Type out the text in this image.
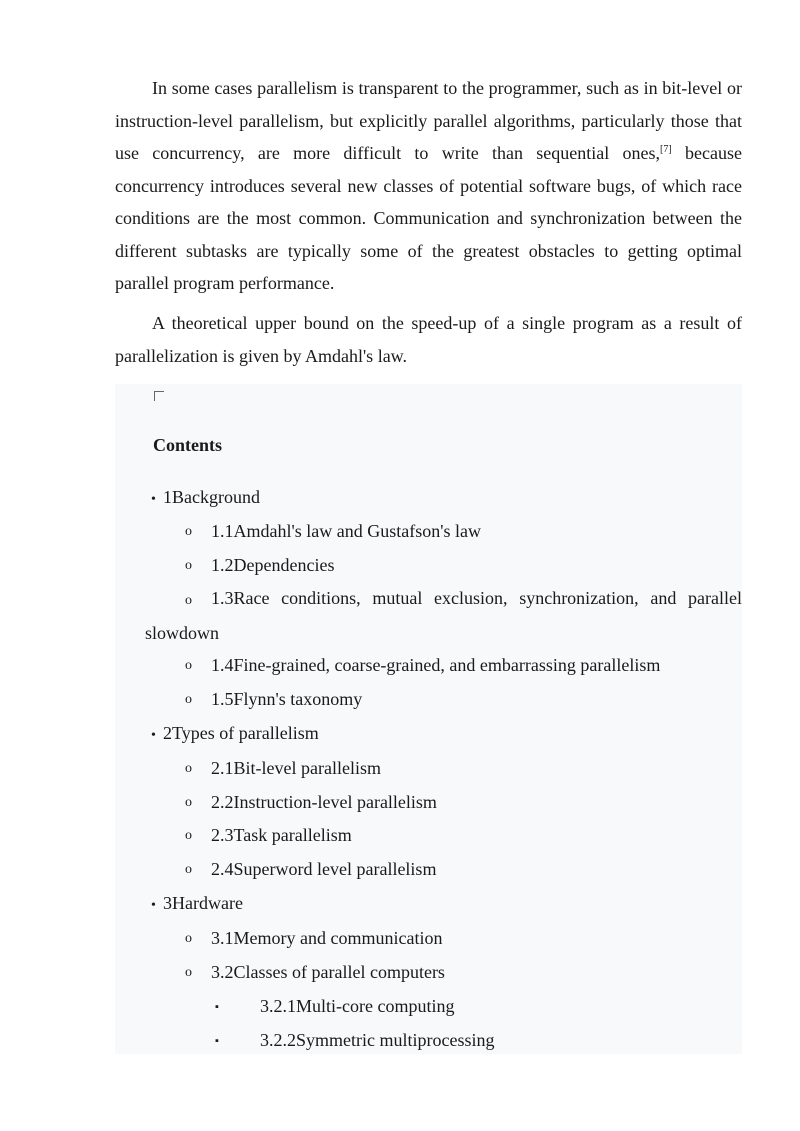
In some cases parallelism is transparent to the programmer, such as in bit-level or instruction-level parallelism, but explicitly parallel algorithms, particularly those that use concurrency, are more difficult to write than sequential ones,[7] because concurrency introduces several new classes of potential software bugs, of which race conditions are the most common. Communication and synchronization between the different subtasks are typically some of the greatest obstacles to getting optimal parallel program performance.

A theoretical upper bound on the speed-up of a single program as a result of parallelization is given by Amdahl's law.

Contents
• 1Background
o 1.1Amdahl's law and Gustafson's law
o 1.2Dependencies
o 1.3Race conditions, mutual exclusion, synchronization, and parallel slowdown
o 1.4Fine-grained, coarse-grained, and embarrassing parallelism
o 1.5Flynn's taxonomy
• 2Types of parallelism
o 2.1Bit-level parallelism
o 2.2Instruction-level parallelism
o 2.3Task parallelism
o 2.4Superword level parallelism
• 3Hardware
o 3.1Memory and communication
o 3.2Classes of parallel computers
▪ 3.2.1Multi-core computing
▪ 3.2.2Symmetric multiprocessing
